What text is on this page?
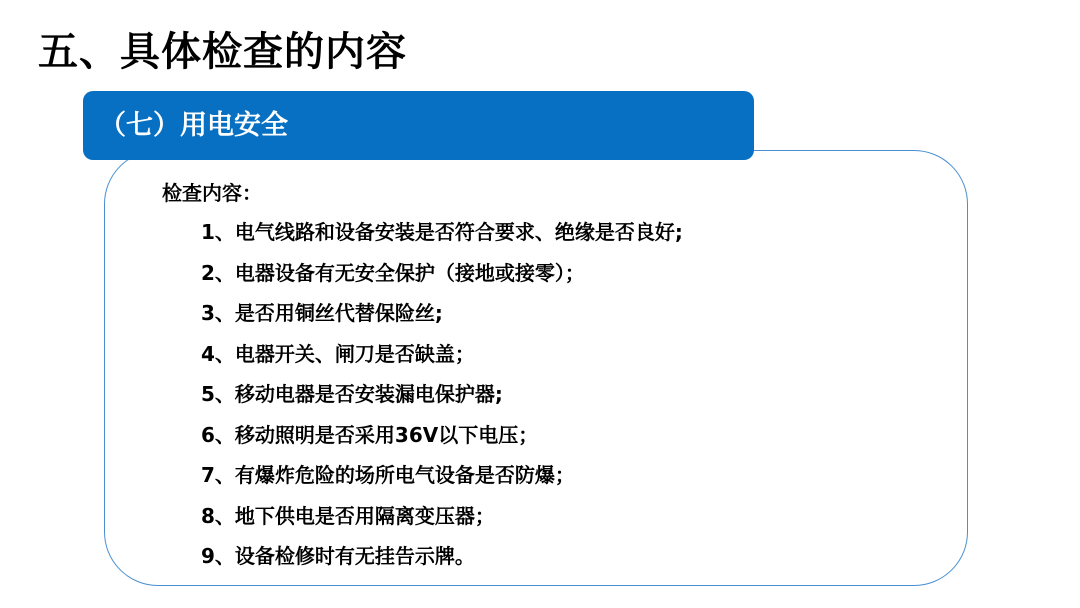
五、具体检查的内容
（七）用电安全
检查内容：
1、电气线路和设备安装是否符合要求、绝缘是否良好;
2、电器设备有无安全保护（接地或接零）；
3、是否用铜丝代替保险丝;
4、电器开关、闸刀是否缺盖；
5、移动电器是否安装漏电保护器;
6、移动照明是否采用36V以下电压；
7、有爆炸危险的场所电气设备是否防爆；
8、地下供电是否用隔离变压器；
9、设备检修时有无挂告示牌。
